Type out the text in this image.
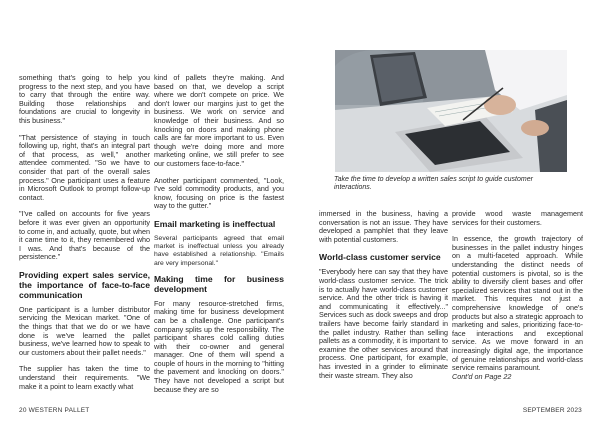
something that's going to help you progress to the next step, and you have to carry that through the entire way. Building those relationships and foundations are crucial to longevity in this business."

"That persistence of staying in touch following up, right, that's an integral part of that process, as well," another attendee commented. "So we have to consider that part of the overall sales process." One participant uses a feature in Microsoft Outlook to prompt follow-up contact.

"I've called on accounts for five years before it was ever given an opportunity to come in, and actually, quote, but when it came time to it, they remembered who I was. And that's because of the persistence."

Providing expert sales service, the importance of face-to-face communication

One participant is a lumber distributor servicing the Mexican market. "One of the things that that we do or we have done is we've learned the pallet business, we've learned how to speak to our customers about their pallet needs."

The supplier has taken the time to understand their requirements. "We make it a point to learn exactly what

kind of pallets they're making. And based on that, we develop a script where we don't compete on price. We don't lower our margins just to get the business. We work on service and knowledge of their business. And so knocking on doors and making phone calls are far more important to us. Even though we're doing more and more marketing online, we still prefer to see our customers face-to-face."

Another participant commented, "Look, I've sold commodity products, and you know, focusing on price is the fastest way to the gutter."

Email marketing is ineffectual

Several participants agreed that email market is ineffectual unless you already have established a relationship. "Emails are very impersonal."

Making time for business development

For many resource-stretched firms, making time for business development can be a challenge. One participant's company splits up the responsibility. The participant shares cold calling duties with their co-owner and general manager. One of them will spend a couple of hours in the morning to "hitting the pavement and knocking on doors." They have not developed a script but because they are so

20 WESTERN PALLET	SEPTEMBER 2023
Take the time to develop a written sales script to guide customer interactions.

immersed in the business, having a conversation is not an issue. They have developed a pamphlet that they leave with potential customers.

World-class customer service

"Everybody here can say that they have world-class customer service. The trick is to actually have world-class customer service. And the other trick is having it and communicating it effectively..." Services such as dock sweeps and drop trailers have become fairly standard in the pallet industry. Rather than selling pallets as a commodity, it is important to examine the other services around that process. One participant, for example, has invested in a grinder to eliminate their waste stream. They also

provide wood waste management services for their customers.

In essence, the growth trajectory of businesses in the pallet industry hinges on a multi-faceted approach. While understanding the distinct needs of potential customers is pivotal, so is the ability to diversify client bases and offer specialized services that stand out in the market. This requires not just a comprehensive knowledge of one's products but also a strategic approach to marketing and sales, prioritizing face-to-face interactions and exceptional service. As we move forward in an increasingly digital age, the importance of genuine relationships and world-class service remains paramount.

Cont'd on Page 22
